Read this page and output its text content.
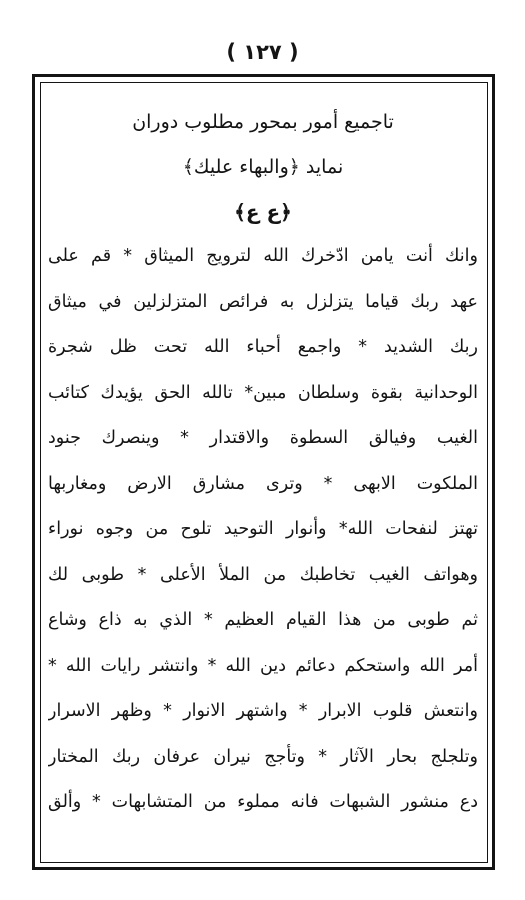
( ١٢٧ )
تاجميع أمور بمحور مطلوب دوران
نمايد ﴿والبهاء عليك﴾
﴿ع ع﴾
وانك أنت يامن ادّخرك الله لترويج الميثاق * قم على
عهد ربك قياما يتزلزل به فرائص المتزلزلين في ميثاق
ربك الشديد * واجمع أحباء الله تحت ظل شجرة
الوحدانية بقوة وسلطان مبين* تالله الحق يؤيدك كتائب
الغيب وفيالق السطوة والاقتدار * وينصرك جنود
الملكوت الابهى * وترى مشارق الارض ومغاربها
تهتز لنفحات الله* وأنوار التوحيد تلوح من وجوه نوراء
وهواتف الغيب تخاطبك من الملأ الأعلى * طوبى لك
ثم طوبى من هذا القيام العظيم * الذي به ذاع وشاع
أمر الله واستحكم دعائم دين الله * وانتشر رايات الله *
وانتعش قلوب الابرار * واشتهر الانوار * وظهر الاسرار
وتلجلج بحار الآثار * وتأجج نيران عرفان ربك المختار
دع منشور الشبهات فانه مملوء من المتشابهات * وألق
